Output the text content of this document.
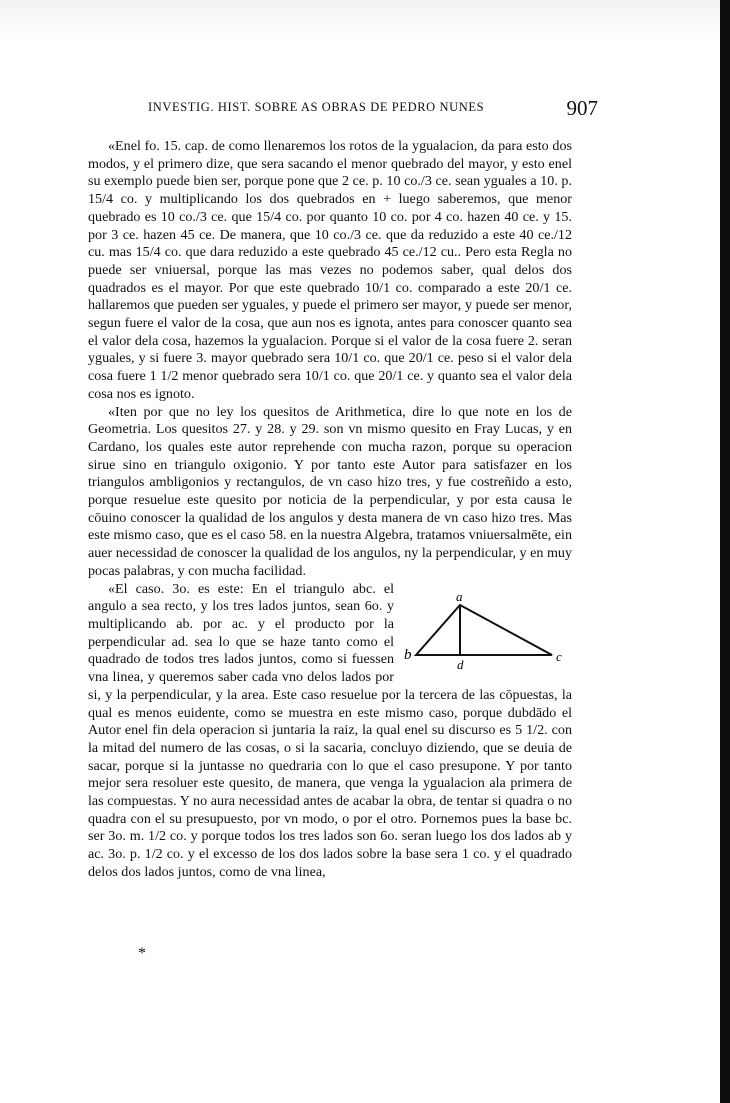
INVESTIG. HIST. SOBRE AS OBRAS DE PEDRO NUNES	907

«Enel fo. 15. cap. de como llenaremos los rotos de la ygualacion, da para esto dos modos, y el primero dize, que sera sacando el menor quebrado del mayor, y esto enel su exemplo puede bien ser, porque pone que 2 ce. p. 10 co./3 ce. sean yguales a 10. p. 15/4 co. y multiplicando los dos quebrados en + luego saberemos, que menor quebrado es 10 co./3 ce. que 15/4 co. por quanto 10 co. por 4 co. hazen 40 ce. y 15. por 3 ce. hazen 45 ce. De manera, que 10 co./3 ce. que da reduzido a este 40 ce./12 cu. mas 15/4 co. que dara reduzido a este quebrado 45 ce./12 cu.. Pero esta Regla no puede ser vniuersal, porque las mas vezes no podemos saber, qual delos dos quadrados es el mayor. Por que este quebrado 10/1 co. comparado a este 20/1 ce. hallaremos que pueden ser yguales, y puede el primero ser mayor, y puede ser menor, segun fuere el valor de la cosa, que aun nos es ignota, antes para conoscer quanto sea el valor dela cosa, hazemos la ygualacion. Porque si el valor de la cosa fuere 2. seran yguales, y si fuere 3. mayor quebrado sera 10/1 co. que 20/1 ce. peso si el valor dela cosa fuere 1 1/2 menor quebrado sera 10/1 co. que 20/1 ce. y quanto sea el valor dela cosa nos es ignoto.

«Iten por que no ley los quesitos de Arithmetica, dire lo que note en los de Geometria. Los quesitos 27. y 28. y 29. son vn mismo quesito en Fray Lucas, y en Cardano, los quales este autor reprehende con mucha razon, porque su operacion sirue sino en triangulo oxigonio. Y por tanto este Autor para satisfazer en los triangulos ambligonios y rectangulos, de vn caso hizo tres, y fue costreñido a esto, porque resuelue este quesito por noticia de la perpendicular, y por esta causa le cōuino conoscer la qualidad de los angulos y desta manera de vn caso hizo tres. Mas este mismo caso, que es el caso 58. en la nuestra Algebra, tratamos vniuersalmēte, ein auer necessidad de conoscer la qualidad de los angulos, ny la perpendicular, y en muy pocas palabras, y con mucha facilidad.

a
b	c
d

«El caso. 3o. es este: En el triangulo abc. el angulo a sea recto, y los tres lados juntos, sean 6o. y multiplicando ab. por ac. y el producto por la perpendicular ad. sea lo que se haze tanto como el quadrado de todos tres lados juntos, como si fuessen vna linea, y queremos saber cada vno delos lados por si, y la perpendicular, y la area. Este caso resuelue por la tercera de las cōpuestas, la qual es menos euidente, como se muestra en este mismo caso, porque dubdādo el Autor enel fin dela operacion si juntaria la raiz, la qual enel su discurso es 5 1/2. con la mitad del numero de las cosas, o si la sacaria, concluyo diziendo, que se deuia de sacar, porque si la juntasse no quedraria con lo que el caso presupone. Y por tanto mejor sera resoluer este quesito, de manera, que venga la ygualacion ala primera de las compuestas. Y no aura necessidad antes de acabar la obra, de tentar si quadra o no quadra con el su presupuesto, por vn modo, o por el otro. Pornemos pues la base bc. ser 3o. m. 1/2 co. y porque todos los tres lados son 6o. seran luego los dos lados ab y ac. 3o. p. 1/2 co. y el excesso de los dos lados sobre la base sera 1 co. y el quadrado delos dos lados juntos, como de vna linea,

*
